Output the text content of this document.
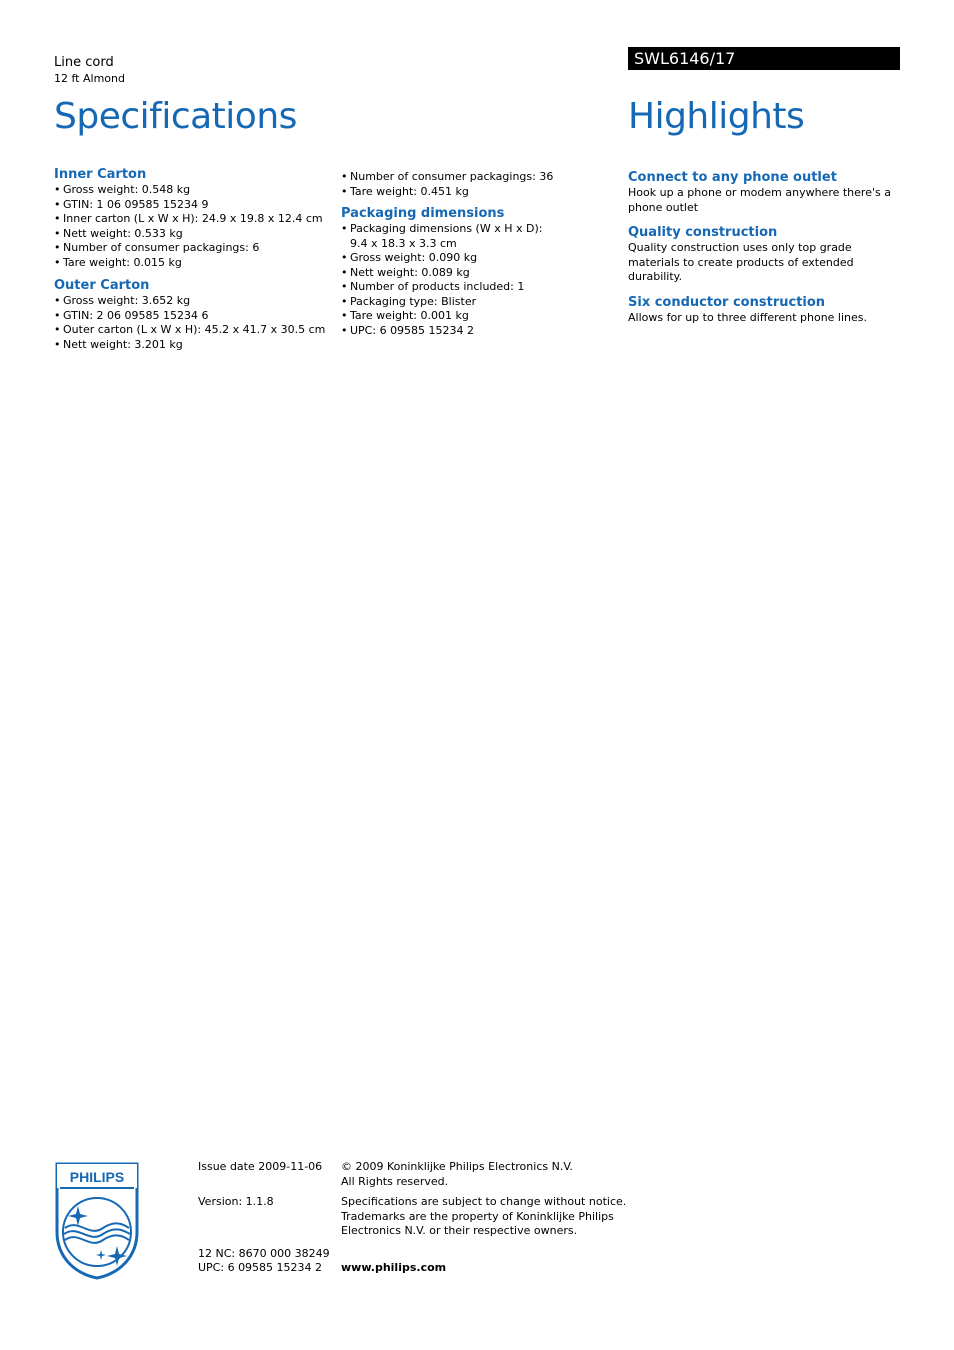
Line cord
12 ft Almond
SWL6146/17
Specifications	Highlights
Inner Carton
• Gross weight: 0.548 kg
• GTIN: 1 06 09585 15234 9
• Inner carton (L x W x H): 24.9 x 19.8 x 12.4 cm
• Nett weight: 0.533 kg
• Number of consumer packagings: 6
• Tare weight: 0.015 kg
Outer Carton
• Gross weight: 3.652 kg
• GTIN: 2 06 09585 15234 6
• Outer carton (L x W x H): 45.2 x 41.7 x 30.5 cm
• Nett weight: 3.201 kg
• Number of consumer packagings: 36
• Tare weight: 0.451 kg
Packaging dimensions
• Packaging dimensions (W x H x D):
9.4 x 18.3 x 3.3 cm
• Gross weight: 0.090 kg
• Nett weight: 0.089 kg
• Number of products included: 1
• Packaging type: Blister
• Tare weight: 0.001 kg
• UPC: 6 09585 15234 2
Connect to any phone outlet
Hook up a phone or modem anywhere there's a phone outlet
Quality construction
Quality construction uses only top grade materials to create products of extended durability.
Six conductor construction
Allows for up to three different phone lines.
PHILIPS
Issue date 2009-11-06
Version: 1.1.8
12 NC: 8670 000 38249
UPC: 6 09585 15234 2
© 2009 Koninklijke Philips Electronics N.V.
All Rights reserved.
Specifications are subject to change without notice.
Trademarks are the property of Koninklijke Philips
Electronics N.V. or their respective owners.
www.philips.com
